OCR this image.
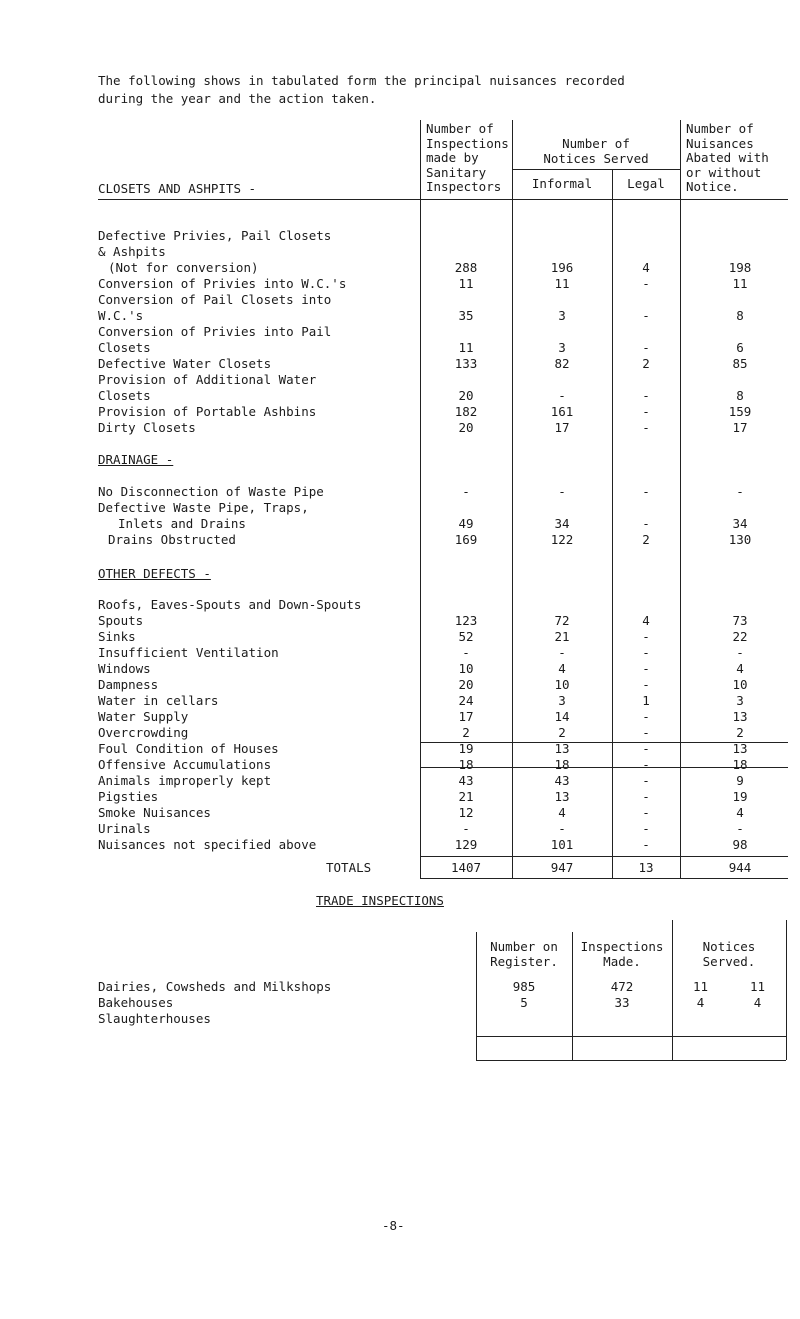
The following shows in tabulated form the principal nuisances recorded
during the year and the action taken.
Number of
Inspections
made by
Sanitary
Inspectors
Number of
Notices Served
Informal	Legal
Number of
Nuisances
Abated with
or without
Notice.
CLOSETS AND ASHPITS -
Defective Privies, Pail Closets
& Ashpits
(Not for conversion)	288	196	4	198
Conversion of Privies into W.C.'s	11	11	-	11
Conversion of Pail Closets into
W.C.'s	35	3	-	8
Conversion of Privies into Pail
Closets	11	3	-	6
Defective Water Closets	133	82	2	85
Provision of Additional Water
Closets	20	-	-	8
Provision of Portable Ashbins	182	161	-	159
Dirty Closets	20	17	-	17
DRAINAGE -
No Disconnection of Waste Pipe	-	-	-	-
Defective Waste Pipe, Traps,
Inlets and Drains	49	34	-	34
Drains Obstructed	169	122	2	130
OTHER DEFECTS -
Roofs, Eaves-Spouts and Down-Spouts
Spouts	123	72	4	73
Sinks	52	21	-	22
Insufficient Ventilation	-	-	-	-
Windows	10	4	-	4
Dampness	20	10	-	10
Water in cellars	24	3	1	3
Water Supply	17	14	-	13
Overcrowding	2	2	-	2
Foul Condition of Houses	19	13	-	13
Offensive Accumulations	18	18	-	18
Animals improperly kept	43	43	-	9
Pigsties	21	13	-	19
Smoke Nuisances	12	4	-	4
Urinals	-	-	-	-
Nuisances not specified above	129	101	-	98
TOTALS	1407	947	13	944
TRADE INSPECTIONS
Number on
Register.
Inspections
Made.
Notices
Served.
Dairies, Cowsheds and Milkshops	985	472	11	11
Bakehouses	5	33	4	4
Slaughterhouses
-8-
